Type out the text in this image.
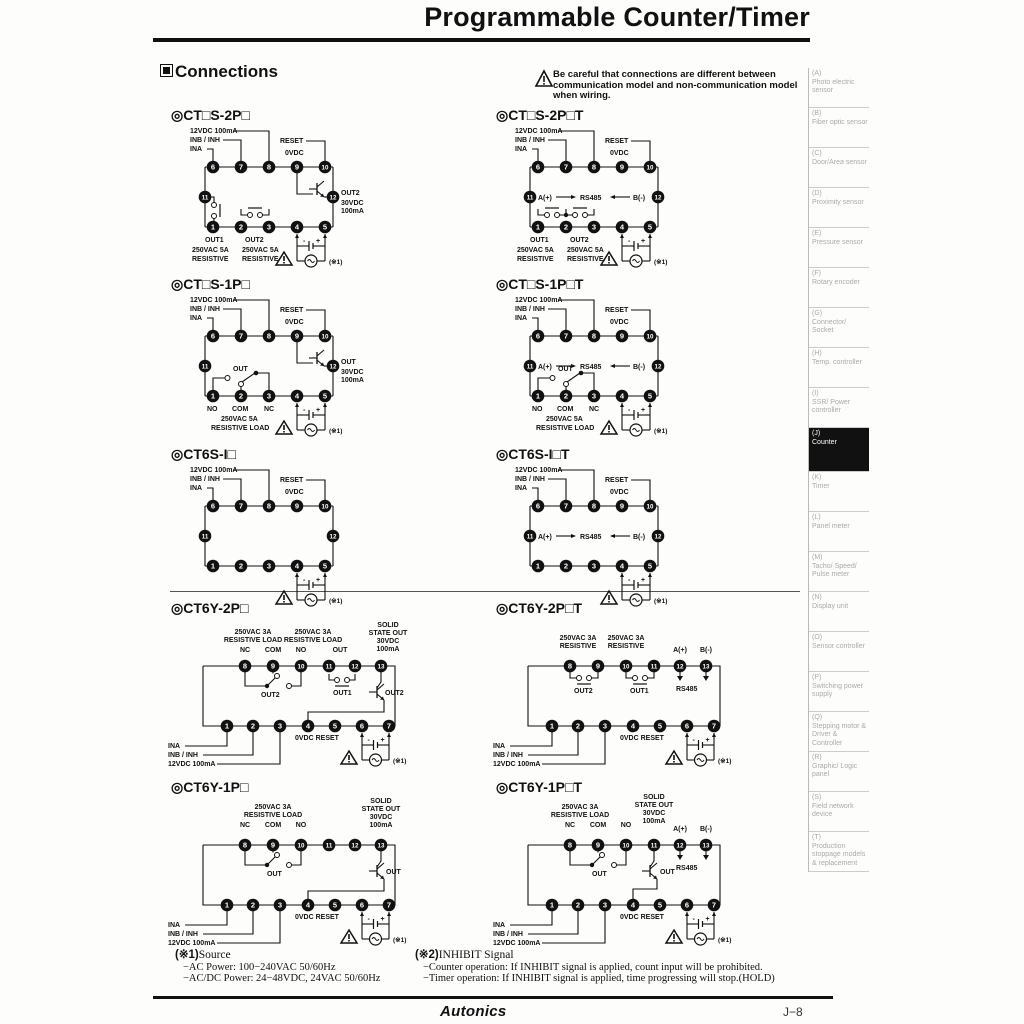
Programmable Counter/Timer
Connections	Be careful that connections are different between communication model and non-communication model when wiring.
(A)
Photo electric sensor
(B)
Fiber optic sensor
(C)
Door/Area sensor
(D)
Proximity sensor
(E)
Pressure sensor
(F)
Rotary encoder
(G)
Connector/ Socket
(H)
Temp. controller
(I)
SSR/ Power controller
(J)
Counter
(K)
Timer
(L)
Panel meter
(M)
Tacho/ Speed/ Pulse meter
(N)
Display unit
(O)
Sensor controller
(P)
Switching power supply
(Q)
Stepping motor & Driver & Controller
(R)
Graphic/ Logic panel
(S)
Field network device
(T)
Production stoppage models & replacement
◎CT□S-2P□
12VDC 100mA
INB / INH
INA
RESET
0VDC
6	7	8	9	10
1	2	3	4	5
11	12
OUT2
30VDC
100mA
OUT1	OUT2
250VAC 5A 250VAC 5A
RESISTIVE RESISTIVE
- +
(※1)
◎CT□S-2P□T
12VDC 100mA
INB / INH
INA
RESET
0VDC
6	7	8	9	10
1	2	3	4	5
11	12
A(+)	RS485	B(-)
OUT1	OUT2
250VAC 5A 250VAC 5A
RESISTIVE RESISTIVE
- +
(※1)
◎CT□S-1P□
12VDC 100mA
INB / INH
INA
RESET
0VDC
6	7	8	9	10
1	2	3	4	5
11	12
OUT
OUT
30VDC
100mA
NO COM NC
250VAC 5A
RESISTIVE LOAD
- +
(※1)
◎CT□S-1P□T
12VDC 100mA
INB / INH
INA
RESET
0VDC
6	7	8	9	10
1	2	3	4	5
11	12
A(+)	RS485	B(-)
OUT
NO COM NC
250VAC 5A
RESISTIVE LOAD
- +
(※1)
◎CT6S-I□
12VDC 100mA
INB / INH
INA
RESET
0VDC
6	7	8	9	10
1	2	3	4	5
11	12
- +
(※1)
◎CT6S-I□T
12VDC 100mA
INB / INH
INA
RESET
0VDC
6	7	8	9	10
1	2	3	4	5
11	12
A(+)	RS485	B(-)
- +
(※1)
◎CT6Y-2P□
8	9	10	11	12	13
1	2	3	4	5	6	7
INA
INB / INH
12VDC 100mA
0VDC RESET	- +
(※1)
250VAC 3A
RESISTIVE LOAD
250VAC 3A
RESISTIVE LOAD
NC COM NO	OUT
SOLID
STATE OUT
30VDC
100mA
OUT2	OUT1	OUT2
◎CT6Y-2P□T
8	9	10	11	12	13
1	2	3	4	5	6	7
INA
INB / INH
12VDC 100mA
0VDC RESET	- +
(※1)
250VAC 3A
RESISTIVE
250VAC 3A
RESISTIVE
OUT2	OUT1
A(+) B(-)
RS485
◎CT6Y-1P□
8	9	10	11	12	13
1	2	3	4	5	6	7
INA
INB / INH
12VDC 100mA
0VDC RESET	- +
(※1)
250VAC 3A
RESISTIVE LOAD
NC COM NO
SOLID
STATE OUT
30VDC
100mA
OUT	OUT
◎CT6Y-1P□T
8	9	10	11	12	13
1	2	3	4	5	6	7
INA
INB / INH
12VDC 100mA
0VDC RESET	- +
(※1)
250VAC 3A
RESISTIVE LOAD
NC COM NO
SOLID
STATE OUT
30VDC
100mA
A(+) B(-)
OUT	OUT
RS485
(※1)Source
−AC Power: 100−240VAC 50/60Hz
−AC/DC Power: 24−48VDC, 24VAC 50/60Hz
(※2)INHIBIT Signal
−Counter operation: If INHIBIT signal is applied, count input will be prohibited.
−Timer operation: If INHIBIT signal is applied, time progressing will stop.(HOLD)
Autonics	J−8
